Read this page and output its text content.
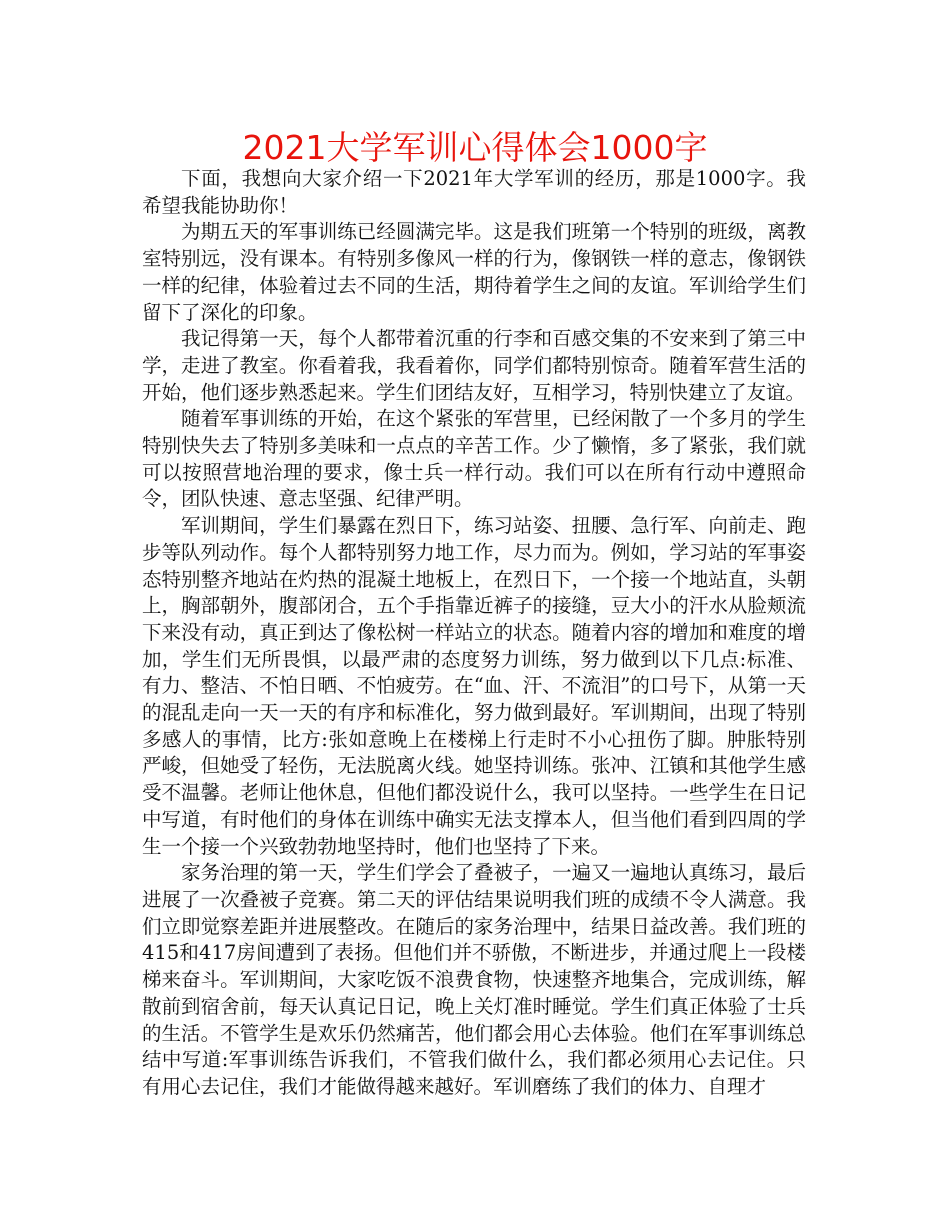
2021大学军训心得体会1000字

下面，我想向大家介绍一下2021年大学军训的经历，那是1000字。我希望我能协助你！

为期五天的军事训练已经圆满完毕。这是我们班第一个特别的班级，离教室特别远，没有课本。有特别多像风一样的行为，像钢铁一样的意志，像钢铁一样的纪律，体验着过去不同的生活，期待着学生之间的友谊。军训给学生们留下了深化的印象。

我记得第一天，每个人都带着沉重的行李和百感交集的不安来到了第三中学，走进了教室。你看着我，我看着你，同学们都特别惊奇。随着军营生活的开始，他们逐步熟悉起来。学生们团结友好，互相学习，特别快建立了友谊。

随着军事训练的开始，在这个紧张的军营里，已经闲散了一个多月的学生特别快失去了特别多美味和一点点的辛苦工作。少了懒惰，多了紧张，我们就可以按照营地治理的要求，像士兵一样行动。我们可以在所有行动中遵照命令，团队快速、意志坚强、纪律严明。

军训期间，学生们暴露在烈日下，练习站姿、扭腰、急行军、向前走、跑步等队列动作。每个人都特别努力地工作，尽力而为。例如，学习站的军事姿态特别整齐地站在灼热的混凝土地板上，在烈日下，一个接一个地站直，头朝上，胸部朝外，腹部闭合，五个手指靠近裤子的接缝，豆大小的汗水从脸颊流下来没有动，真正到达了像松树一样站立的状态。随着内容的增加和难度的增加，学生们无所畏惧，以最严肃的态度努力训练，努力做到以下几点:标准、有力、整洁、不怕日晒、不怕疲劳。在“血、汗、不流泪”的口号下，从第一天的混乱走向一天一天的有序和标准化，努力做到最好。军训期间，出现了特别多感人的事情，比方:张如意晚上在楼梯上行走时不小心扭伤了脚。肿胀特别严峻，但她受了轻伤，无法脱离火线。她坚持训练。张冲、江镇和其他学生感受不温馨。老师让他休息，但他们都没说什么，我可以坚持。一些学生在日记中写道，有时他们的身体在训练中确实无法支撑本人，但当他们看到四周的学生一个接一个兴致勃勃地坚持时，他们也坚持了下来。

家务治理的第一天，学生们学会了叠被子，一遍又一遍地认真练习，最后进展了一次叠被子竞赛。第二天的评估结果说明我们班的成绩不令人满意。我们立即觉察差距并进展整改。在随后的家务治理中，结果日益改善。我们班的415和417房间遭到了表扬。但他们并不骄傲，不断进步，并通过爬上一段楼梯来奋斗。军训期间，大家吃饭不浪费食物，快速整齐地集合，完成训练，解散前到宿舍前，每天认真记日记，晚上关灯准时睡觉。学生们真正体验了士兵的生活。不管学生是欢乐仍然痛苦，他们都会用心去体验。他们在军事训练总结中写道:军事训练告诉我们，不管我们做什么，我们都必须用心去记住。只有用心去记住，我们才能做得越来越好。军训磨练了我们的体力、自理才
